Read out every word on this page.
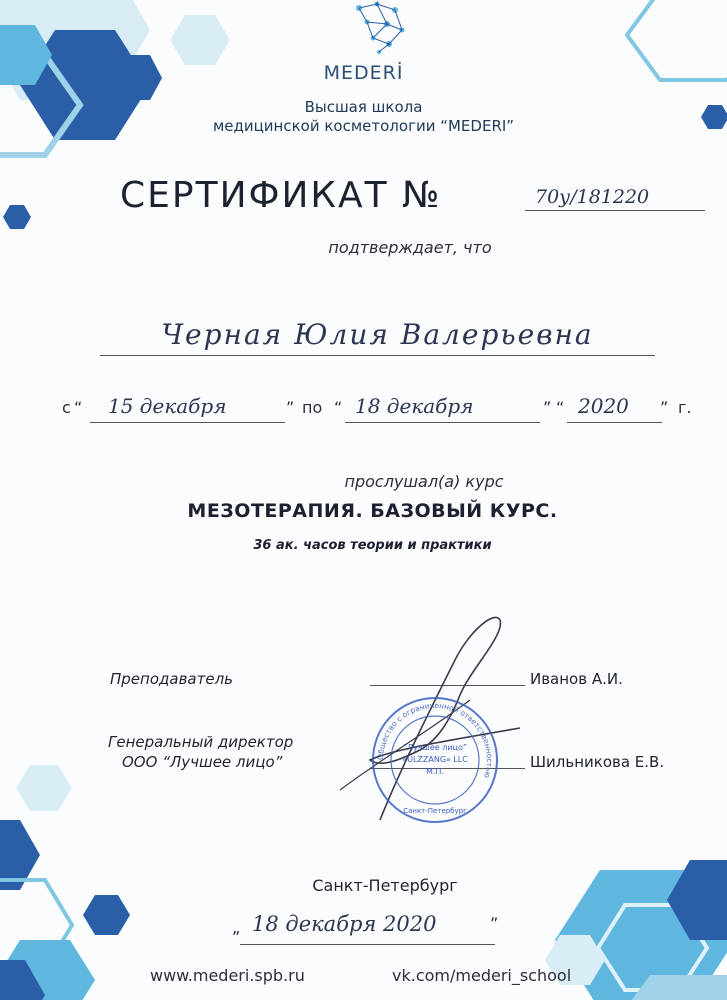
MEDERİ
Высшая школа
медицинской косметологии “MEDERI”
СЕРТИФИКАТ №	70у/181220
подтверждает, что
Черная Юлия Валерьевна
с “ 15 декабря	” по “ 18 декабря	” “ 2020 ” г.
прослушал(а) курс
МЕЗОТЕРАПИЯ. БАЗОВЫЙ КУРС.
36 ак. часов теории и практики
Преподаватель	Иванов А.И.
Генеральный директор
ООО “Лучшее лицо”	Шильникова Е.В.
Общество с ограниченной ответственностью
“Лучшее лицо”
«ULZZANG» LLC
М.П.
Санкт-Петербург
Санкт-Петербург
„ 18 декабря 2020	”
www.mederi.spb.ru	vk.com/mederi_school
